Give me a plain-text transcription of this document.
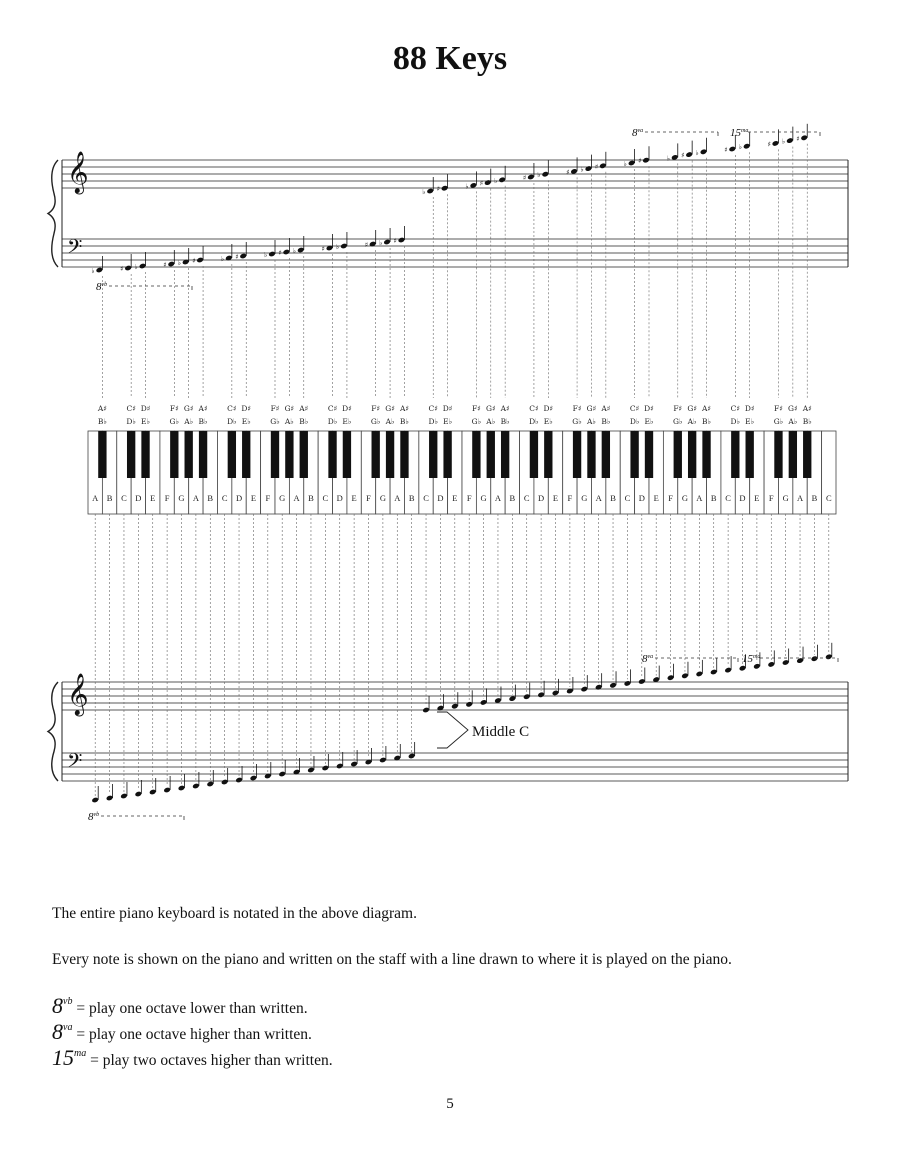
88 Keys
A B C D E F G A B C D E F G A B C D E F G A B C D E F G A B C D E F G A B C D E F G A B C D E F G A B C
A♯
B♭
C♯
D♭
D♯
E♭
F♯
G♭
G♯
A♭
A♯
B♭
C♯
D♭
D♯
E♭
F♯
G♭
G♯
A♭
A♯
B♭
C♯
D♭
D♯
E♭
F♯
G♭
G♯
A♭
A♯
B♭
C♯
D♭
D♯
E♭
F♯
G♭
G♯
A♭
A♯
B♭
C♯
D♭
D♯
E♭
F♯
G♭
G♯
A♭
A♯
B♭
C♯
D♭
D♯
E♭
F♯
G♭
G♯
A♭
A♯
B♭
C♯
D♭
D♯
E♭
F♯
G♭
G♯
A♭
A♯
B♭
𝄞
𝄢
𝄞
𝄢
♭	♯ ♭	♯ ♭ ♯	♭ ♯	♭ ♯ ♭	♯ ♭	♯ ♭ ♯
♭ ♯	♭ ♯ ♭	♯ ♭	♯ ♭ ♯	♭ ♯	♭ ♯ ♭	♯ ♭	♯ ♭ ♯
Middle C
$8^{vb}$
$8^{va}$	$15^{ma}$
$8^{va}$	$15^{ma}$
$8^{vb}$

The entire piano keyboard is notated in the above diagram.

Every note is shown on the piano and written on the staff with a line drawn to where it is played on the piano.

$8^{vb}$ = play one octave lower than written.
$8^{va}$ = play one octave higher than written.
$15^{ma}$ = play two octaves higher than written.
5
